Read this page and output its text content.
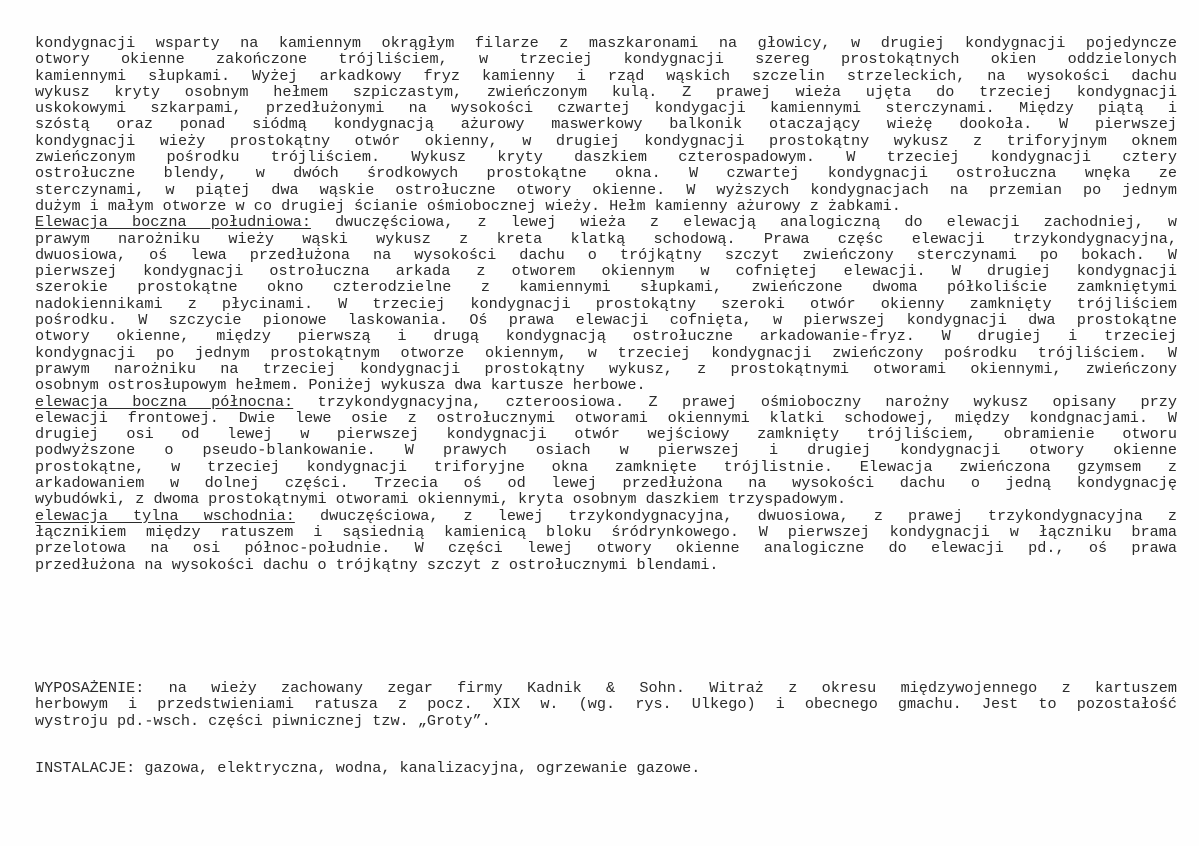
kondygnacji wsparty na kamiennym okrągłym filarze z maszkaronami na głowicy, w drugiej kondygnacji pojedyncze
otwory okienne zakończone trójliściem, w trzeciej kondygnacji szereg prostokątnych okien oddzielonych
kamiennymi słupkami. Wyżej arkadkowy fryz kamienny i rząd wąskich szczelin strzeleckich, na wysokości dachu
wykusz kryty osobnym hełmem szpiczastym, zwieńczonym kulą. Z prawej wieża ujęta do trzeciej kondygnacji
uskokowymi szkarpami, przedłużonymi na wysokości czwartej kondygacji kamiennymi sterczynami. Między piątą i
szóstą oraz ponad siódmą kondygnacją ażurowy maswerkowy balkonik otaczający wieżę dookoła. W pierwszej
kondygnacji wieży prostokątny otwór okienny, w drugiej kondygnacji prostokątny wykusz z triforyjnym oknem
zwieńczonym pośrodku trójliściem. Wykusz kryty daszkiem czterospadowym. W trzeciej kondygnacji cztery
ostrołuczne blendy, w dwóch środkowych prostokątne okna. W czwartej kondygnacji ostrołuczna wnęka ze
sterczynami, w piątej dwa wąskie ostrołuczne otwory okienne. W wyższych kondygnacjach na przemian po jednym
dużym i małym otworze w co drugiej ścianie ośmiobocznej wieży. Hełm kamienny ażurowy z żabkami.
Elewacja boczna południowa: dwuczęściowa, z lewej wieża z elewacją analogiczną do elewacji zachodniej, w
prawym narożniku wieży wąski wykusz z kreta klatką schodową. Prawa częśc elewacji trzykondygnacyjna,
dwuosiowa, oś lewa przedłużona na wysokości dachu o trójkątny szczyt zwieńczony sterczynami po bokach. W
pierwszej kondygnacji ostrołuczna arkada z otworem okiennym w cofniętej elewacji. W drugiej kondygnacji
szerokie prostokątne okno czterodzielne z kamiennymi słupkami, zwieńczone dwoma półkoliście zamkniętymi
nadokiennikami z płycinami. W trzeciej kondygnacji prostokątny szeroki otwór okienny zamknięty trójliściem
pośrodku. W szczycie pionowe laskowania. Oś prawa elewacji cofnięta, w pierwszej kondygnacji dwa prostokątne
otwory okienne, między pierwszą i drugą kondygnacją ostrołuczne arkadowanie-fryz. W drugiej i trzeciej
kondygnacji po jednym prostokątnym otworze okiennym, w trzeciej kondygnacji zwieńczony pośrodku trójliściem. W
prawym narożniku na trzeciej kondygnacji prostokątny wykusz, z prostokątnymi otworami okiennymi, zwieńczony
osobnym ostrosłupowym hełmem. Poniżej wykusza dwa kartusze herbowe.
elewacja boczna północna: trzykondygnacyjna, czteroosiowa. Z prawej ośmioboczny narożny wykusz opisany przy
elewacji frontowej. Dwie lewe osie z ostrołucznymi otworami okiennymi klatki schodowej, między kondgnacjami. W
drugiej osi od lewej w pierwszej kondygnacji otwór wejściowy zamknięty trójliściem, obramienie otworu
podwyższone o pseudo-blankowanie. W prawych osiach w pierwszej i drugiej kondygnacji otwory okienne
prostokątne, w trzeciej kondygnacji triforyjne okna zamknięte trójlistnie. Elewacja zwieńczona gzymsem z
arkadowaniem w dolnej części. Trzecia oś od lewej przedłużona na wysokości dachu o jedną kondygnację
wybudówki, z dwoma prostokątnymi otworami okiennymi, kryta osobnym daszkiem trzyspadowym.
elewacja tylna wschodnia: dwuczęściowa, z lewej trzykondygnacyjna, dwuosiowa, z prawej trzykondygnacyjna z
łącznikiem między ratuszem i sąsiednią kamienicą bloku śródrynkowego. W pierwszej kondygnacji w łączniku brama
przelotowa na osi północ-południe. W części lewej otwory okienne analogiczne do elewacji pd., oś prawa
przedłużona na wysokości dachu o trójkątny szczyt z ostrołucznymi blendami.
WYPOSAŻENIE: na wieży zachowany zegar firmy Kadnik & Sohn. Witraż z okresu międzywojennego z kartuszem
herbowym i przedstwieniami ratusza z pocz. XIX w. (wg. rys. Ulkego) i obecnego gmachu. Jest to pozostałość
wystroju pd.-wsch. części piwnicznej tzw. „Groty”.
INSTALACJE: gazowa, elektryczna, wodna, kanalizacyjna, ogrzewanie gazowe.
